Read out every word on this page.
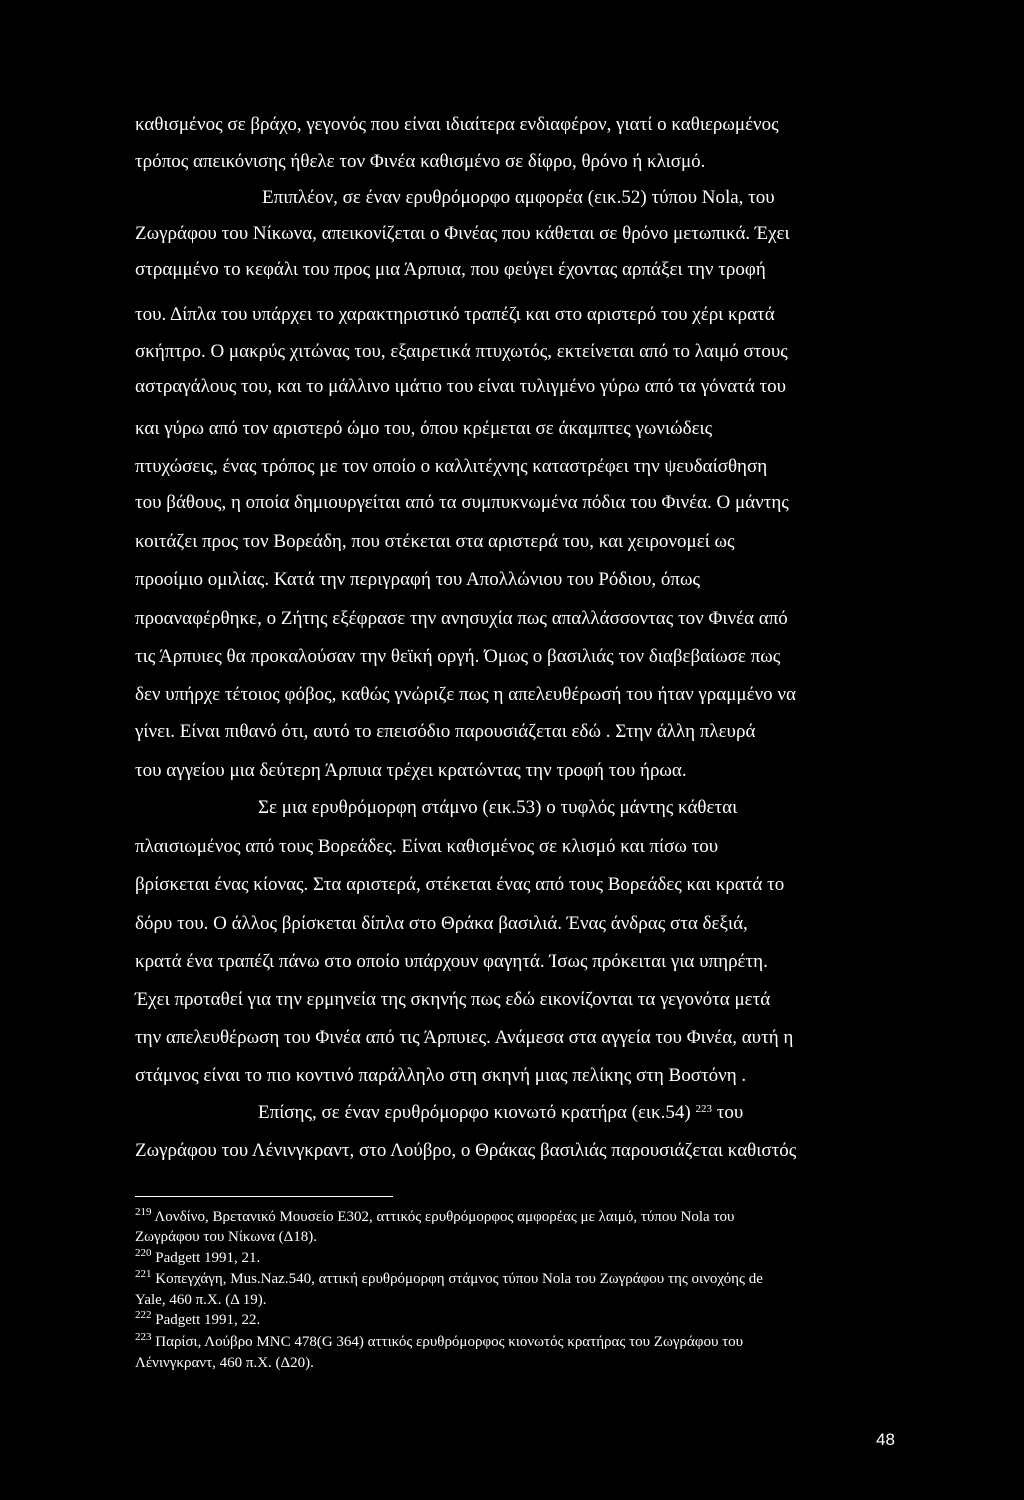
καθισμένος σε βράχο, γεγονός που είναι ιδιαίτερα ενδιαφέρον, γιατί ο καθιερωμένος
τρόπος απεικόνισης ήθελε τον Φινέα καθισμένο σε δίφρο, θρόνο ή κλισμό.
Επιπλέον, σε έναν ερυθρόμορφο αμφορέα (εικ.52) τύπου Nola, του
Ζωγράφου του Νίκωνα, απεικονίζεται ο Φινέας που κάθεται σε θρόνο μετωπικά. Έχει
στραμμένο το κεφάλι του προς μια Άρπυια, που φεύγει έχοντας αρπάξει την τροφή
του. Δίπλα του υπάρχει το χαρακτηριστικό τραπέζι και στο αριστερό του χέρι κρατά
σκήπτρο. Ο μακρύς χιτώνας του, εξαιρετικά πτυχωτός, εκτείνεται από το λαιμό στους
αστραγάλους του, και το μάλλινο ιμάτιο του είναι τυλιγμένο γύρω από τα γόνατά του
και γύρω από τον αριστερό ώμο του, όπου κρέμεται σε άκαμπτες γωνιώδεις
πτυχώσεις, ένας τρόπος με τον οποίο ο καλλιτέχνης καταστρέφει την ψευδαίσθηση
του βάθους, η οποία δημιουργείται από τα συμπυκνωμένα πόδια του Φινέα. Ο μάντης
κοιτάζει προς τον Βορεάδη, που στέκεται στα αριστερά του, και χειρονομεί ως
προοίμιο ομιλίας. Κατά την περιγραφή του Απολλώνιου του Ρόδιου, όπως
προαναφέρθηκε, ο Ζήτης εξέφρασε την ανησυχία πως απαλλάσσοντας τον Φινέα από
τις Άρπυιες θα προκαλούσαν την θεϊκή οργή. Όμως ο βασιλιάς τον διαβεβαίωσε πως
δεν υπήρχε τέτοιος φόβος, καθώς γνώριζε πως η απελευθέρωσή του ήταν γραμμένο να
γίνει. Είναι πιθανό ότι, αυτό το επεισόδιο παρουσιάζεται εδώ . Στην άλλη πλευρά
του αγγείου μια δεύτερη Άρπυια τρέχει κρατώντας την τροφή του ήρωα.
Σε μια ερυθρόμορφη στάμνο (εικ.53) ο τυφλός μάντης κάθεται
πλαισιωμένος από τους Βορεάδες. Είναι καθισμένος σε κλισμό και πίσω του
βρίσκεται ένας κίονας. Στα αριστερά, στέκεται ένας από τους Βορεάδες και κρατά το
δόρυ του. Ο άλλος βρίσκεται δίπλα στο Θράκα βασιλιά. Ένας άνδρας στα δεξιά,
κρατά ένα τραπέζι πάνω στο οποίο υπάρχουν φαγητά. Ίσως πρόκειται για υπηρέτη.
Έχει προταθεί για την ερμηνεία της σκηνής πως εδώ εικονίζονται τα γεγονότα μετά
την απελευθέρωση του Φινέα από τις Άρπυιες. Ανάμεσα στα αγγεία του Φινέα, αυτή η
στάμνος είναι το πιο κοντινό παράλληλο στη σκηνή μιας πελίκης στη Βοστόνη .
Επίσης, σε έναν ερυθρόμορφο κιονωτό κρατήρα (εικ.54) $^{223}$ του
Ζωγράφου του Λένινγκραντ, στο Λούβρο, ο Θράκας βασιλιάς παρουσιάζεται καθιστός
$^{219}$ Λονδίνο, Βρετανικό Μουσείο Ε302, αττικός ερυθρόμορφος αμφορέας με λαιμό, τύπου Nola του
Ζωγράφου του Νίκωνα (Δ18).
$^{220}$ Padgett 1991, 21.
$^{221}$ Κοπεγχάγη, Mus.Naz.540, αττική ερυθρόμορφη στάμνος τύπου Nola του Ζωγράφου της οινοχόης de
Yale, 460 π.Χ. (Δ 19).
$^{222}$ Padgett 1991, 22.
$^{223}$ Παρίσι, Λούβρο MNC 478(G 364) αττικός ερυθρόμορφος κιονωτός κρατήρας του Ζωγράφου του
Λένινγκραντ, 460 π.Χ. (Δ20).
48
